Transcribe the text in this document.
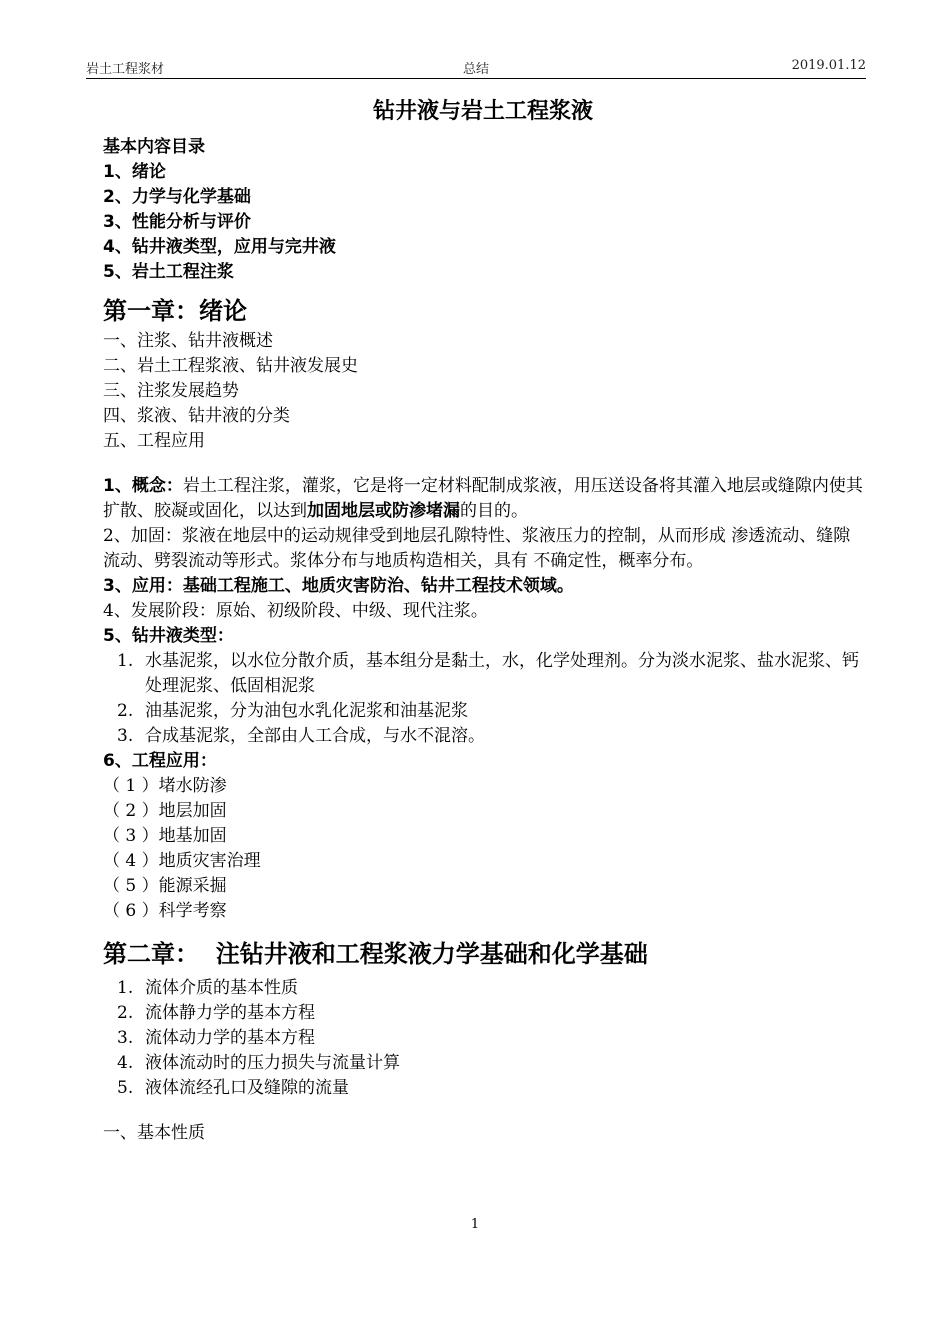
岩土工程浆材	总结	2019.01.12
钻井液与岩土工程浆液
基本内容目录
1、绪论
2、力学与化学基础
3、性能分析与评价
4、钻井液类型，应用与完井液
5、岩土工程注浆
第一章：绪论
一、注浆、钻井液概述
二、岩土工程浆液、钻井液发展史
三、注浆发展趋势
四、浆液、钻井液的分类
五、工程应用
1、概念：岩土工程注浆，灌浆，它是将一定材料配制成浆液，用压送设备将其灌入地层或缝隙内使其扩散、胶凝或固化，以达到加固地层或防渗堵漏的目的。
2、加固：浆液在地层中的运动规律受到地层孔隙特性、浆液压力的控制，从而形成 渗透流动、缝隙流动、劈裂流动等形式。浆体分布与地质构造相关，具有 不确定性，概率分布。
3、应用：基础工程施工、地质灾害防治、钻井工程技术领域。
4、发展阶段：原始、初级阶段、中级、现代注浆。
5、钻井液类型：
1. 水基泥浆，以水位分散介质，基本组分是黏土，水，化学处理剂。分为淡水泥浆、盐水泥浆、钙处理泥浆、低固相泥浆
2. 油基泥浆，分为油包水乳化泥浆和油基泥浆
3. 合成基泥浆，全部由人工合成，与水不混溶。
6、工程应用：
（ 1 ）堵水防渗
（ 2 ）地层加固
（ 3 ）地基加固
（ 4 ）地质灾害治理
（ 5 ）能源采掘
（ 6 ）科学考察
第二章：  注钻井液和工程浆液力学基础和化学基础
1. 流体介质的基本性质
2. 流体静力学的基本方程
3. 流体动力学的基本方程
4. 液体流动时的压力损失与流量计算
5. 液体流经孔口及缝隙的流量
一、基本性质
1
